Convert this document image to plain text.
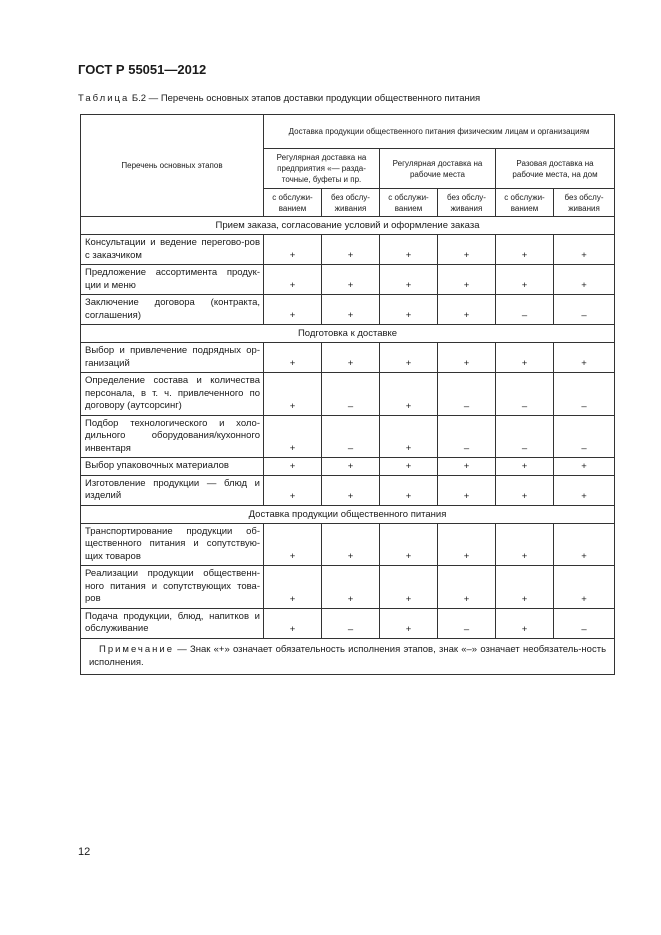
ГОСТ Р 55051—2012
Таблица Б.2 — Перечень основных этапов доставки продукции общественного питания
Перечень основных этапов	Доставка продукции общественного питания физическим лицам и организациям					
	Регулярная доставка на предприятия «— разда-точные, буфеты и пр.		Регулярная доставка на рабочие места		Разовая доставка на рабочие места, на дом	
	с обслужи-ванием	без обслу-живания	с обслужи-ванием	без обслу-живания	с обслужи-ванием	без обслу-живания
Прием заказа, согласование условий и оформление заказа						
Консультации и ведение перегово-ров с заказчиком	+	+	+	+	+	+
Предложение ассортимента продук-ции и меню	+	+	+	+	+	+
Заключение договора (контракта, соглашения)	+	+	+	+	–	–
Подготовка к доставке						
Выбор и привлечение подрядных ор-ганизаций	+	+	+	+	+	+
Определение состава и количества персонала, в т. ч. привлеченного по договору (аутсорсинг)	+	–	+	–	–	–
Подбор технологического и холо-дильного оборудования/кухонного инвентаря	+	–	+	–	–	–
Выбор упаковочных материалов	+	+	+	+	+	+
Изготовление продукции — блюд и изделий	+	+	+	+	+	+
Доставка продукции общественного питания						
Транспортирование продукции об-щественного питания и сопутствую-щих товаров	+	+	+	+	+	+
Реализации продукции общественн-ного питания и сопутствующих това-ров	+	+	+	+	+	+
Подача продукции, блюд, напитков и обслуживание	+	–	+	–	+	–
Примечание — Знак «+» означает обязательность исполнения этапов, знак «–» означает необязатель-ность исполнения.						
12
